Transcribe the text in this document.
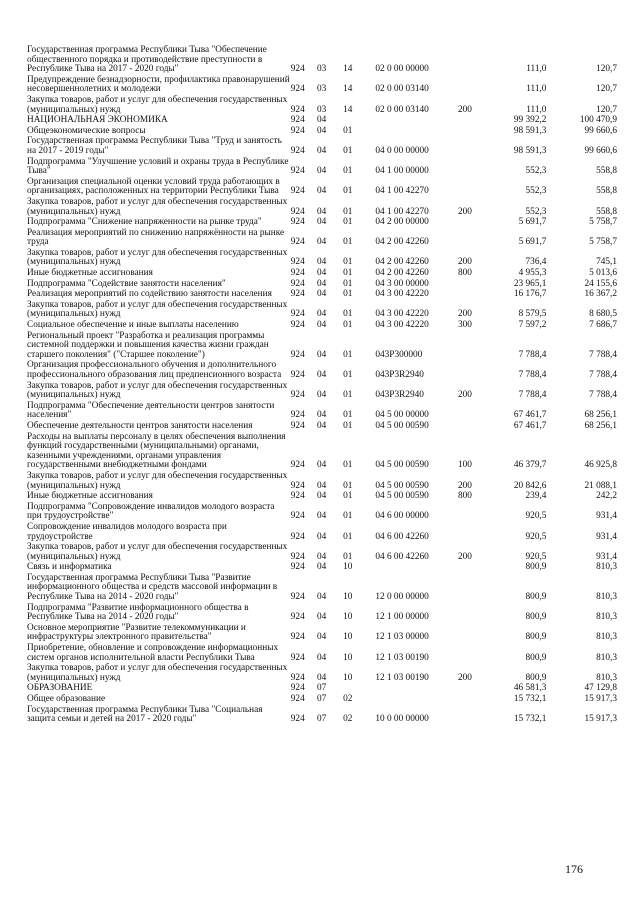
Государственная программа Республики Тыва "Обеспечение общественного порядка и противодействие преступности в Республике Тыва на 2017 - 2020 годы"	924	03	14	02 0 00 00000		111,0	120,7
Предупреждение безнадзорности, профилактика правонарушений несовершеннолетних и молодежи	924	03	14	02 0 00 03140		111,0	120,7
Закупка товаров, работ и услуг для обеспечения государственных (муниципальных) нужд	924	03	14	02 0 00 03140	200	111,0	120,7
НАЦИОНАЛЬНАЯ ЭКОНОМИКА	924	04				99 392,2	100 470,9
Общеэкономические вопросы	924	04	01			98 591,3	99 660,6
Государственная программа Республики Тыва "Труд и занятость на 2017 - 2019 годы"	924	04	01	04 0 00 00000		98 591,3	99 660,6
Подпрограмма "Улучшение условий и охраны труда в Республике Тыва"	924	04	01	04 1 00 00000		552,3	558,8
Организация специальной оценки условий труда работающих в организациях, расположенных на территории Республики Тыва	924	04	01	04 1 00 42270		552,3	558,8
Закупка товаров, работ и услуг для обеспечения государственных (муниципальных) нужд	924	04	01	04 1 00 42270	200	552,3	558,8
Подпрограмма "Снижение напряженности на рынке труда"	924	04	01	04 2 00 00000		5 691,7	5 758,7
Реализация мероприятий по снижению напряжённости на рынке труда	924	04	01	04 2 00 42260		5 691,7	5 758,7
Закупка товаров, работ и услуг для обеспечения государственных (муниципальных) нужд	924	04	01	04 2 00 42260	200	736,4	745,1
Иные бюджетные ассигнования	924	04	01	04 2 00 42260	800	4 955,3	5 013,6
Подпрограмма "Содействие занятости населения"	924	04	01	04 3 00 00000		23 965,1	24 155,6
Реализация мероприятий по содействию занятости населения	924	04	01	04 3 00 42220		16 176,7	16 367,2
Закупка товаров, работ и услуг для обеспечения государственных (муниципальных) нужд	924	04	01	04 3 00 42220	200	8 579,5	8 680,5
Социальное обеспечение и иные выплаты населению	924	04	01	04 3 00 42220	300	7 597,2	7 686,7
Региональный проект "Разработка и реализация программы системной поддержки и повышения качества жизни граждан старшего поколения" ("Старшее поколение")	924	04	01	043P300000		7 788,4	7 788,4
Организация профессионального обучения и дополнительного профессионального образования лиц предпенсионного возраста	924	04	01	043P3R2940		7 788,4	7 788,4
Закупка товаров, работ и услуг для обеспечения государственных (муниципальных) нужд	924	04	01	043P3R2940	200	7 788,4	7 788,4
Подпрограмма "Обеспечение деятельности центров занятости населения"	924	04	01	04 5 00 00000		67 461,7	68 256,1
Обеспечение деятельности центров занятости населения	924	04	01	04 5 00 00590		67 461,7	68 256,1
Расходы на выплаты персоналу в целях обеспечения выполнения функций государственными (муниципальными) органами, казенными учреждениями, органами управления государственными внебюджетными фондами	924	04	01	04 5 00 00590	100	46 379,7	46 925,8
Закупка товаров, работ и услуг для обеспечения государственных (муниципальных) нужд	924	04	01	04 5 00 00590	200	20 842,6	21 088,1
Иные бюджетные ассигнования	924	04	01	04 5 00 00590	800	239,4	242,2
Подпрограмма "Сопровождение инвалидов молодого возраста при трудоустройстве"	924	04	01	04 6 00 00000		920,5	931,4
Сопровождение инвалидов молодого возраста при трудоустройстве	924	04	01	04 6 00 42260		920,5	931,4
Закупка товаров, работ и услуг для обеспечения государственных (муниципальных) нужд	924	04	01	04 6 00 42260	200	920,5	931,4
Связь и информатика	924	04	10			800,9	810,3
Государственная программа Республики Тыва "Развитие информационного общества и средств массовой информации в Республике Тыва на 2014 - 2020 годы"	924	04	10	12 0 00 00000		800,9	810,3
Подпрограмма "Развитие информационного общества в Республике Тыва на 2014 - 2020 годы"	924	04	10	12 1 00 00000		800,9	810,3
Основное мероприятие "Развитие телекоммуникации и инфраструктуры электронного правительства"	924	04	10	12 1 03 00000		800,9	810,3
Приобретение, обновление и сопровождение информационных систем органов исполнительной власти Республики Тыва	924	04	10	12 1 03 00190		800,9	810,3
Закупка товаров, работ и услуг для обеспечения государственных (муниципальных) нужд	924	04	10	12 1 03 00190	200	800,9	810,3
ОБРАЗОВАНИЕ	924	07				46 581,3	47 129,8
Общее образование	924	07	02			15 732,1	15 917,3
Государственная программа Республики Тыва "Социальная защита семьи и детей на 2017 - 2020 годы"	924	07	02	10 0 00 00000		15 732,1	15 917,3
176
